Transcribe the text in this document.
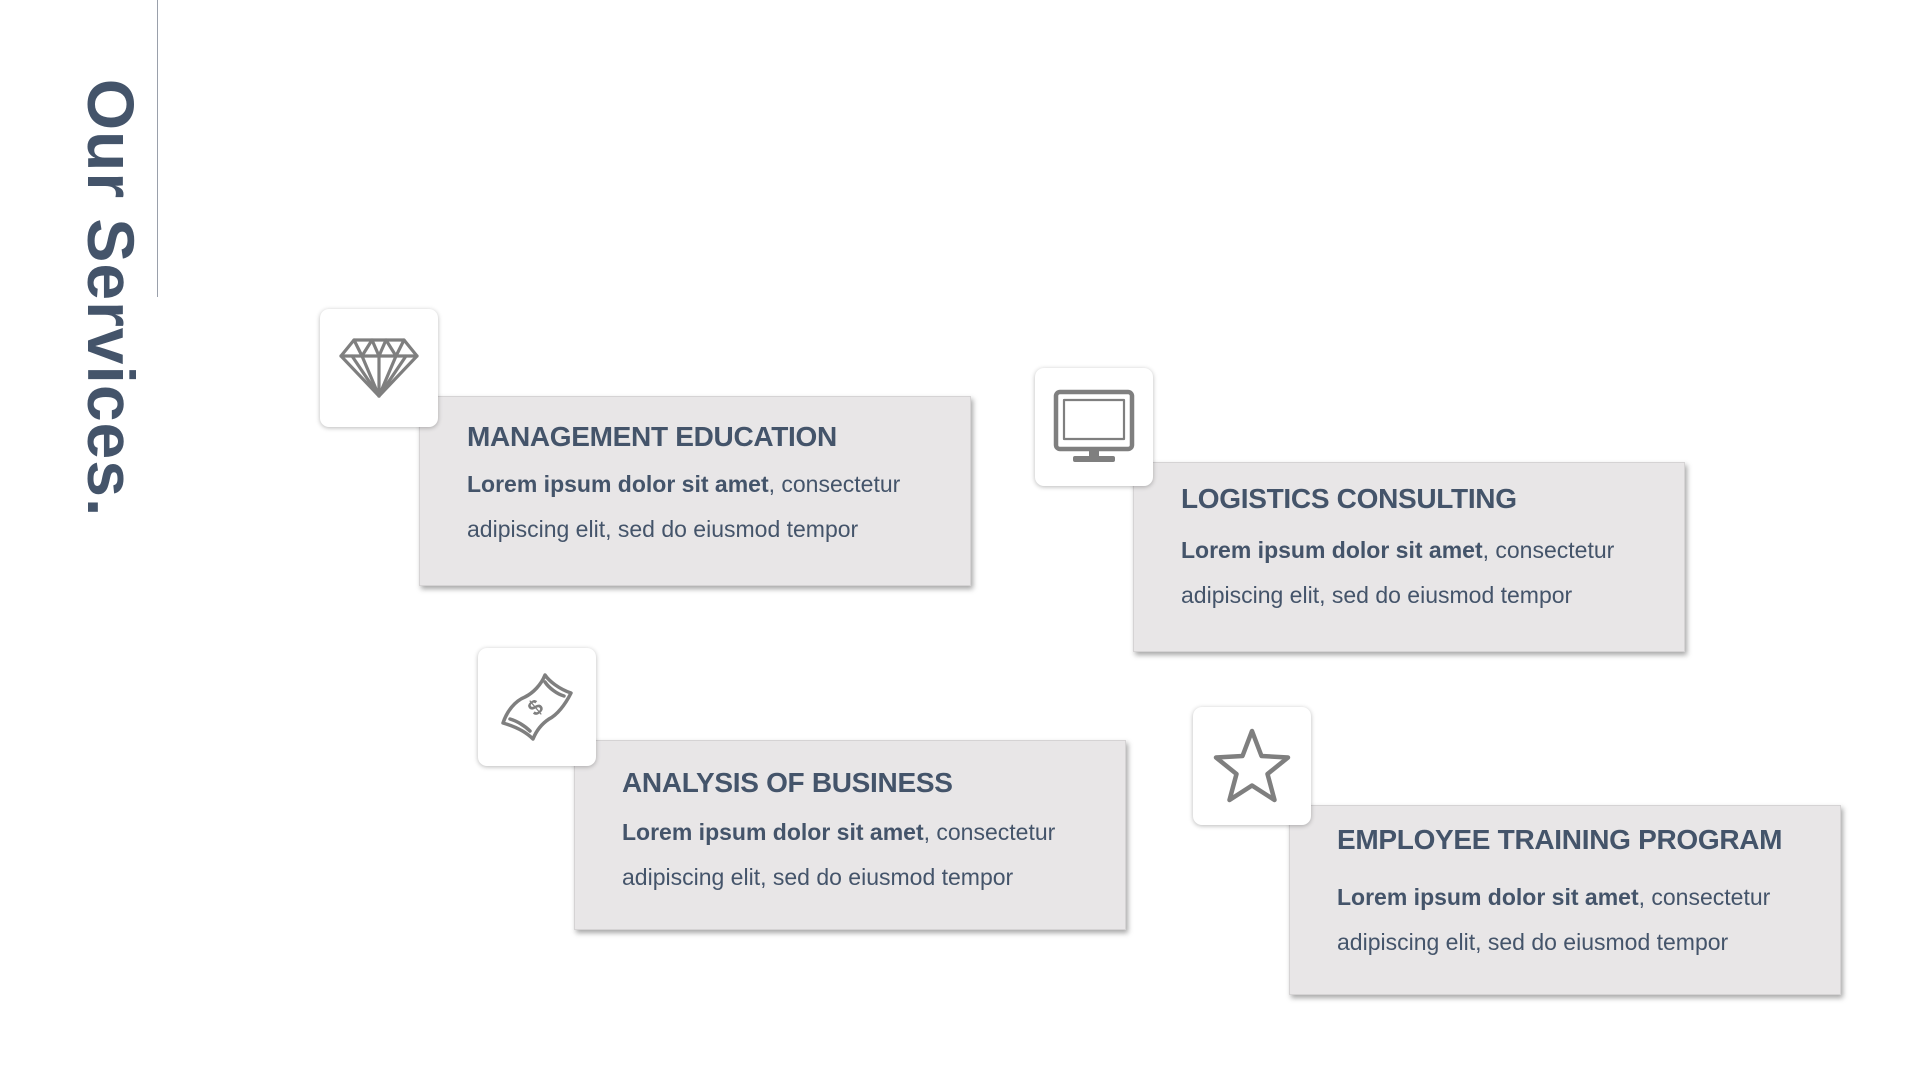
Our Services.	MANAGEMENT EDUCATION
Lorem ipsum dolor sit amet, consectetur adipiscing elit, sed do eiusmod tempor
LOGISTICS CONSULTING
Lorem ipsum dolor sit amet, consectetur adipiscing elit, sed do eiusmod tempor
ANALYSIS OF BUSINESS
Lorem ipsum dolor sit amet, consectetur adipiscing elit, sed do eiusmod tempor
$
EMPLOYEE TRAINING PROGRAM
Lorem ipsum dolor sit amet, consectetur adipiscing elit, sed do eiusmod tempor
